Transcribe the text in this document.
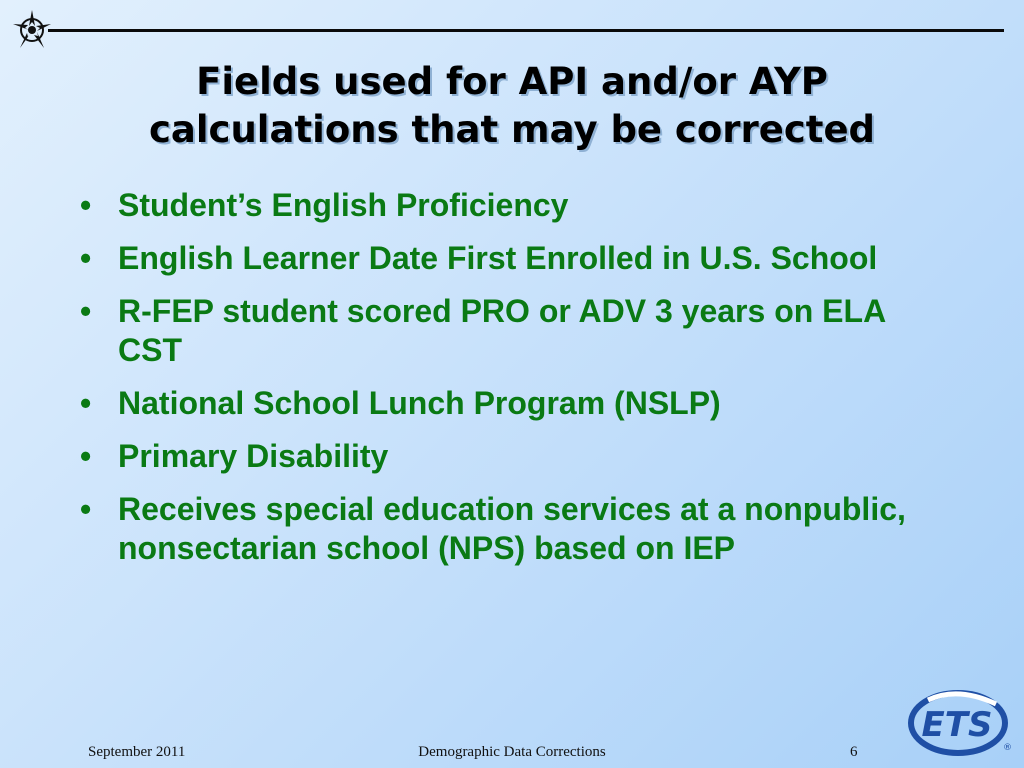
Fields used for API and/or AYP
calculations that may be corrected
• Student’s English Proficiency
• English Learner Date First Enrolled in U.S. School
• R-FEP student scored PRO or ADV 3 years on ELA CST
• National School Lunch Program (NSLP)
• Primary Disability
• Receives special education services at a nonpublic, nonsectarian school (NPS) based on IEP
September 2011	Demographic Data Corrections	6
ETS
®
